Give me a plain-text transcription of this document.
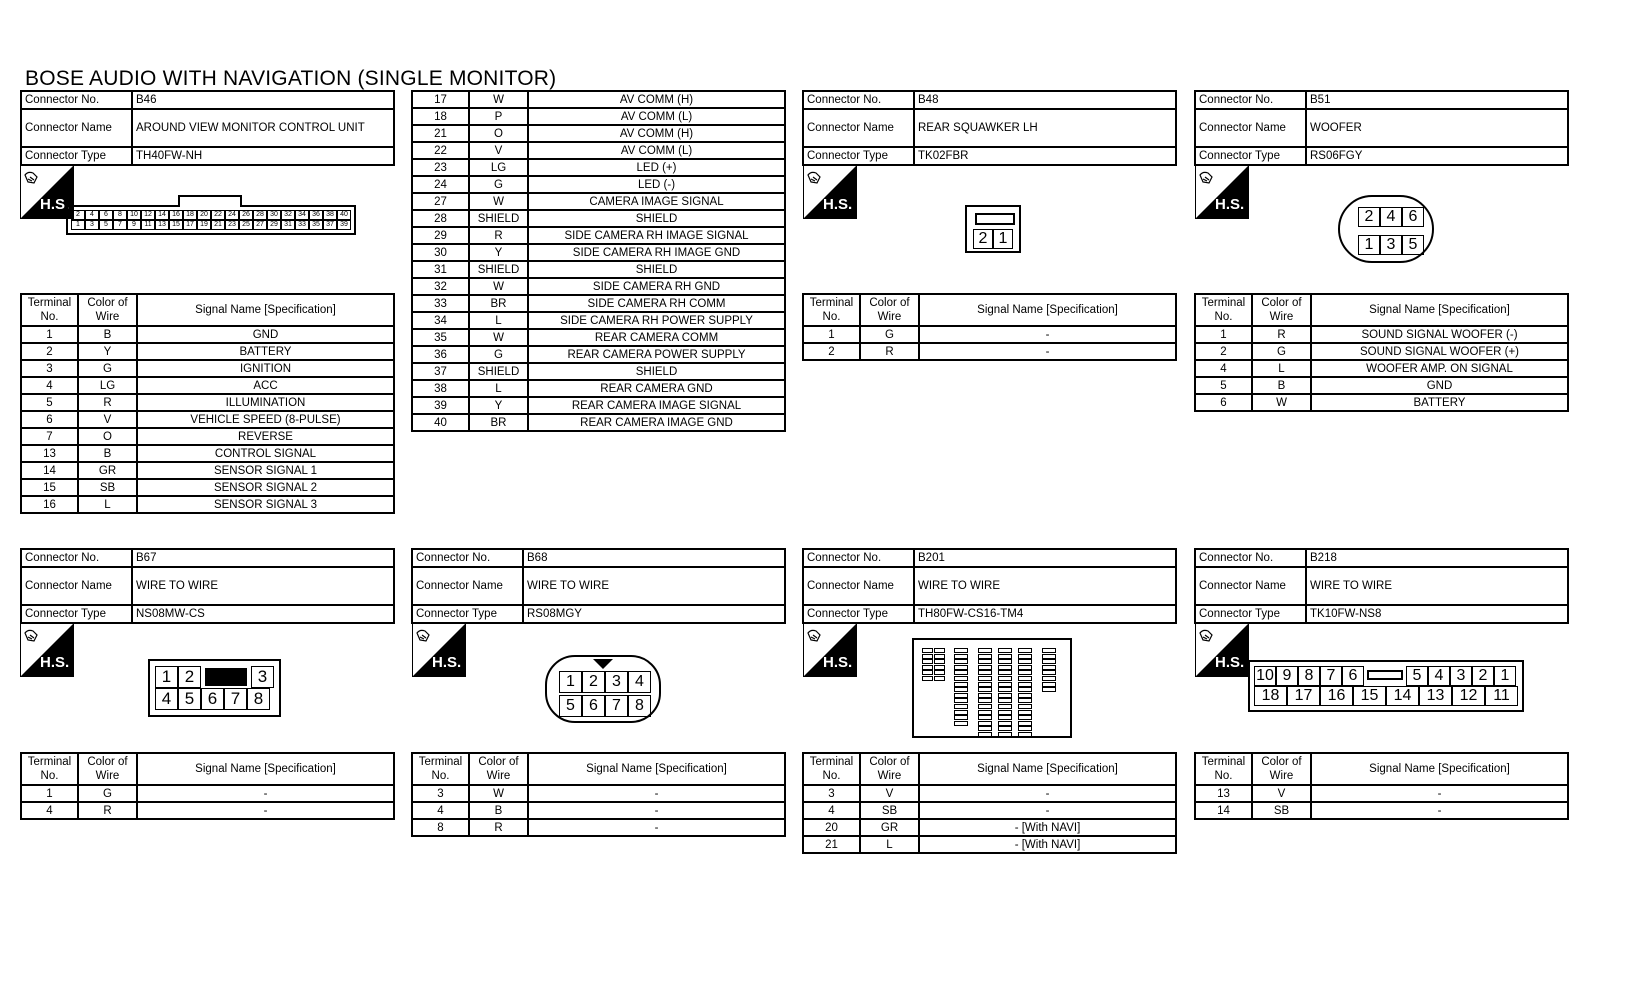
BOSE AUDIO WITH NAVIGATION (SINGLE MONITOR)
Connector No.	B46
Connector Name	AROUND VIEW MONITOR CONTROL UNIT
Connector Type	TH40FW-NH
H.S.
2	4	6	8	10 12 14 16 18 20 22 24 26 28 30 32 34 36 38 40
1	3	5	7	9	11 13 15 17 19 21 23 25 27 29 31 33 35 37 39
Terminal No.	Color of Wire	Signal Name [Specification]
1	B	GND
2	Y	BATTERY
3	G	IGNITION
4	LG	ACC
5	R	ILLUMINATION
6	V	VEHICLE SPEED (8-PULSE)
7	O	REVERSE
13	B	CONTROL SIGNAL
14	GR	SENSOR SIGNAL 1
15	SB	SENSOR SIGNAL 2
16	L	SENSOR SIGNAL 3
17	W	AV COMM (H)
18	P	AV COMM (L)
21	O	AV COMM (H)
22	V	AV COMM (L)
23	LG	LED (+)
24	G	LED (-)
27	W	CAMERA IMAGE SIGNAL
28	SHIELD	SHIELD
29	R	SIDE CAMERA RH IMAGE SIGNAL
30	Y	SIDE CAMERA RH IMAGE GND
31	SHIELD	SHIELD
32	W	SIDE CAMERA RH GND
33	BR	SIDE CAMERA RH COMM
34	L	SIDE CAMERA RH POWER SUPPLY
35	W	REAR CAMERA COMM
36	G	REAR CAMERA POWER SUPPLY
37	SHIELD	SHIELD
38	L	REAR CAMERA GND
39	Y	REAR CAMERA IMAGE SIGNAL
40	BR	REAR CAMERA IMAGE GND
Connector No.	B48
Connector Name	REAR SQUAWKER LH
Connector Type	TK02FBR
H.S.
2 1
Terminal No.	Color of Wire	Signal Name [Specification]
1	G	-
2	R	-
Connector No.	B51
Connector Name	WOOFER
Connector Type	RS06FGY
H.S.
2 4 6
1 3 5
Terminal No.	Color of Wire	Signal Name [Specification]
1	R	SOUND SIGNAL WOOFER (-)
2	G	SOUND SIGNAL WOOFER (+)
4	L	WOOFER AMP. ON SIGNAL
5	B	GND
6	W	BATTERY
Connector No.	B67
Connector Name	WIRE TO WIRE
Connector Type	NS08MW-CS
H.S.
1 2	3
4 5 6 7 8
Terminal No.	Color of Wire	Signal Name [Specification]
1	G	-
4	R	-
Connector No.	B68
Connector Name	WIRE TO WIRE
Connector Type	RS08MGY
H.S.
1 2 3 4
5 6 7 8
Terminal No.	Color of Wire	Signal Name [Specification]
3	W	-
4	B	-
8	R	-
Connector No.	B201
Connector Name	WIRE TO WIRE
Connector Type	TH80FW-CS16-TM4
H.S.
Terminal No.	Color of Wire	Signal Name [Specification]
3	V	-
4	SB	-
20	GR	- [With NAVI]
21	L	- [With NAVI]
Connector No.	B218
Connector Name	WIRE TO WIRE
Connector Type	TK10FW-NS8
H.S.
10 9 8 7 6	5 4 3 2 1
18 17 16 15 14 13 12 11
Terminal No.	Color of Wire	Signal Name [Specification]
13	V	-
14	SB	-
